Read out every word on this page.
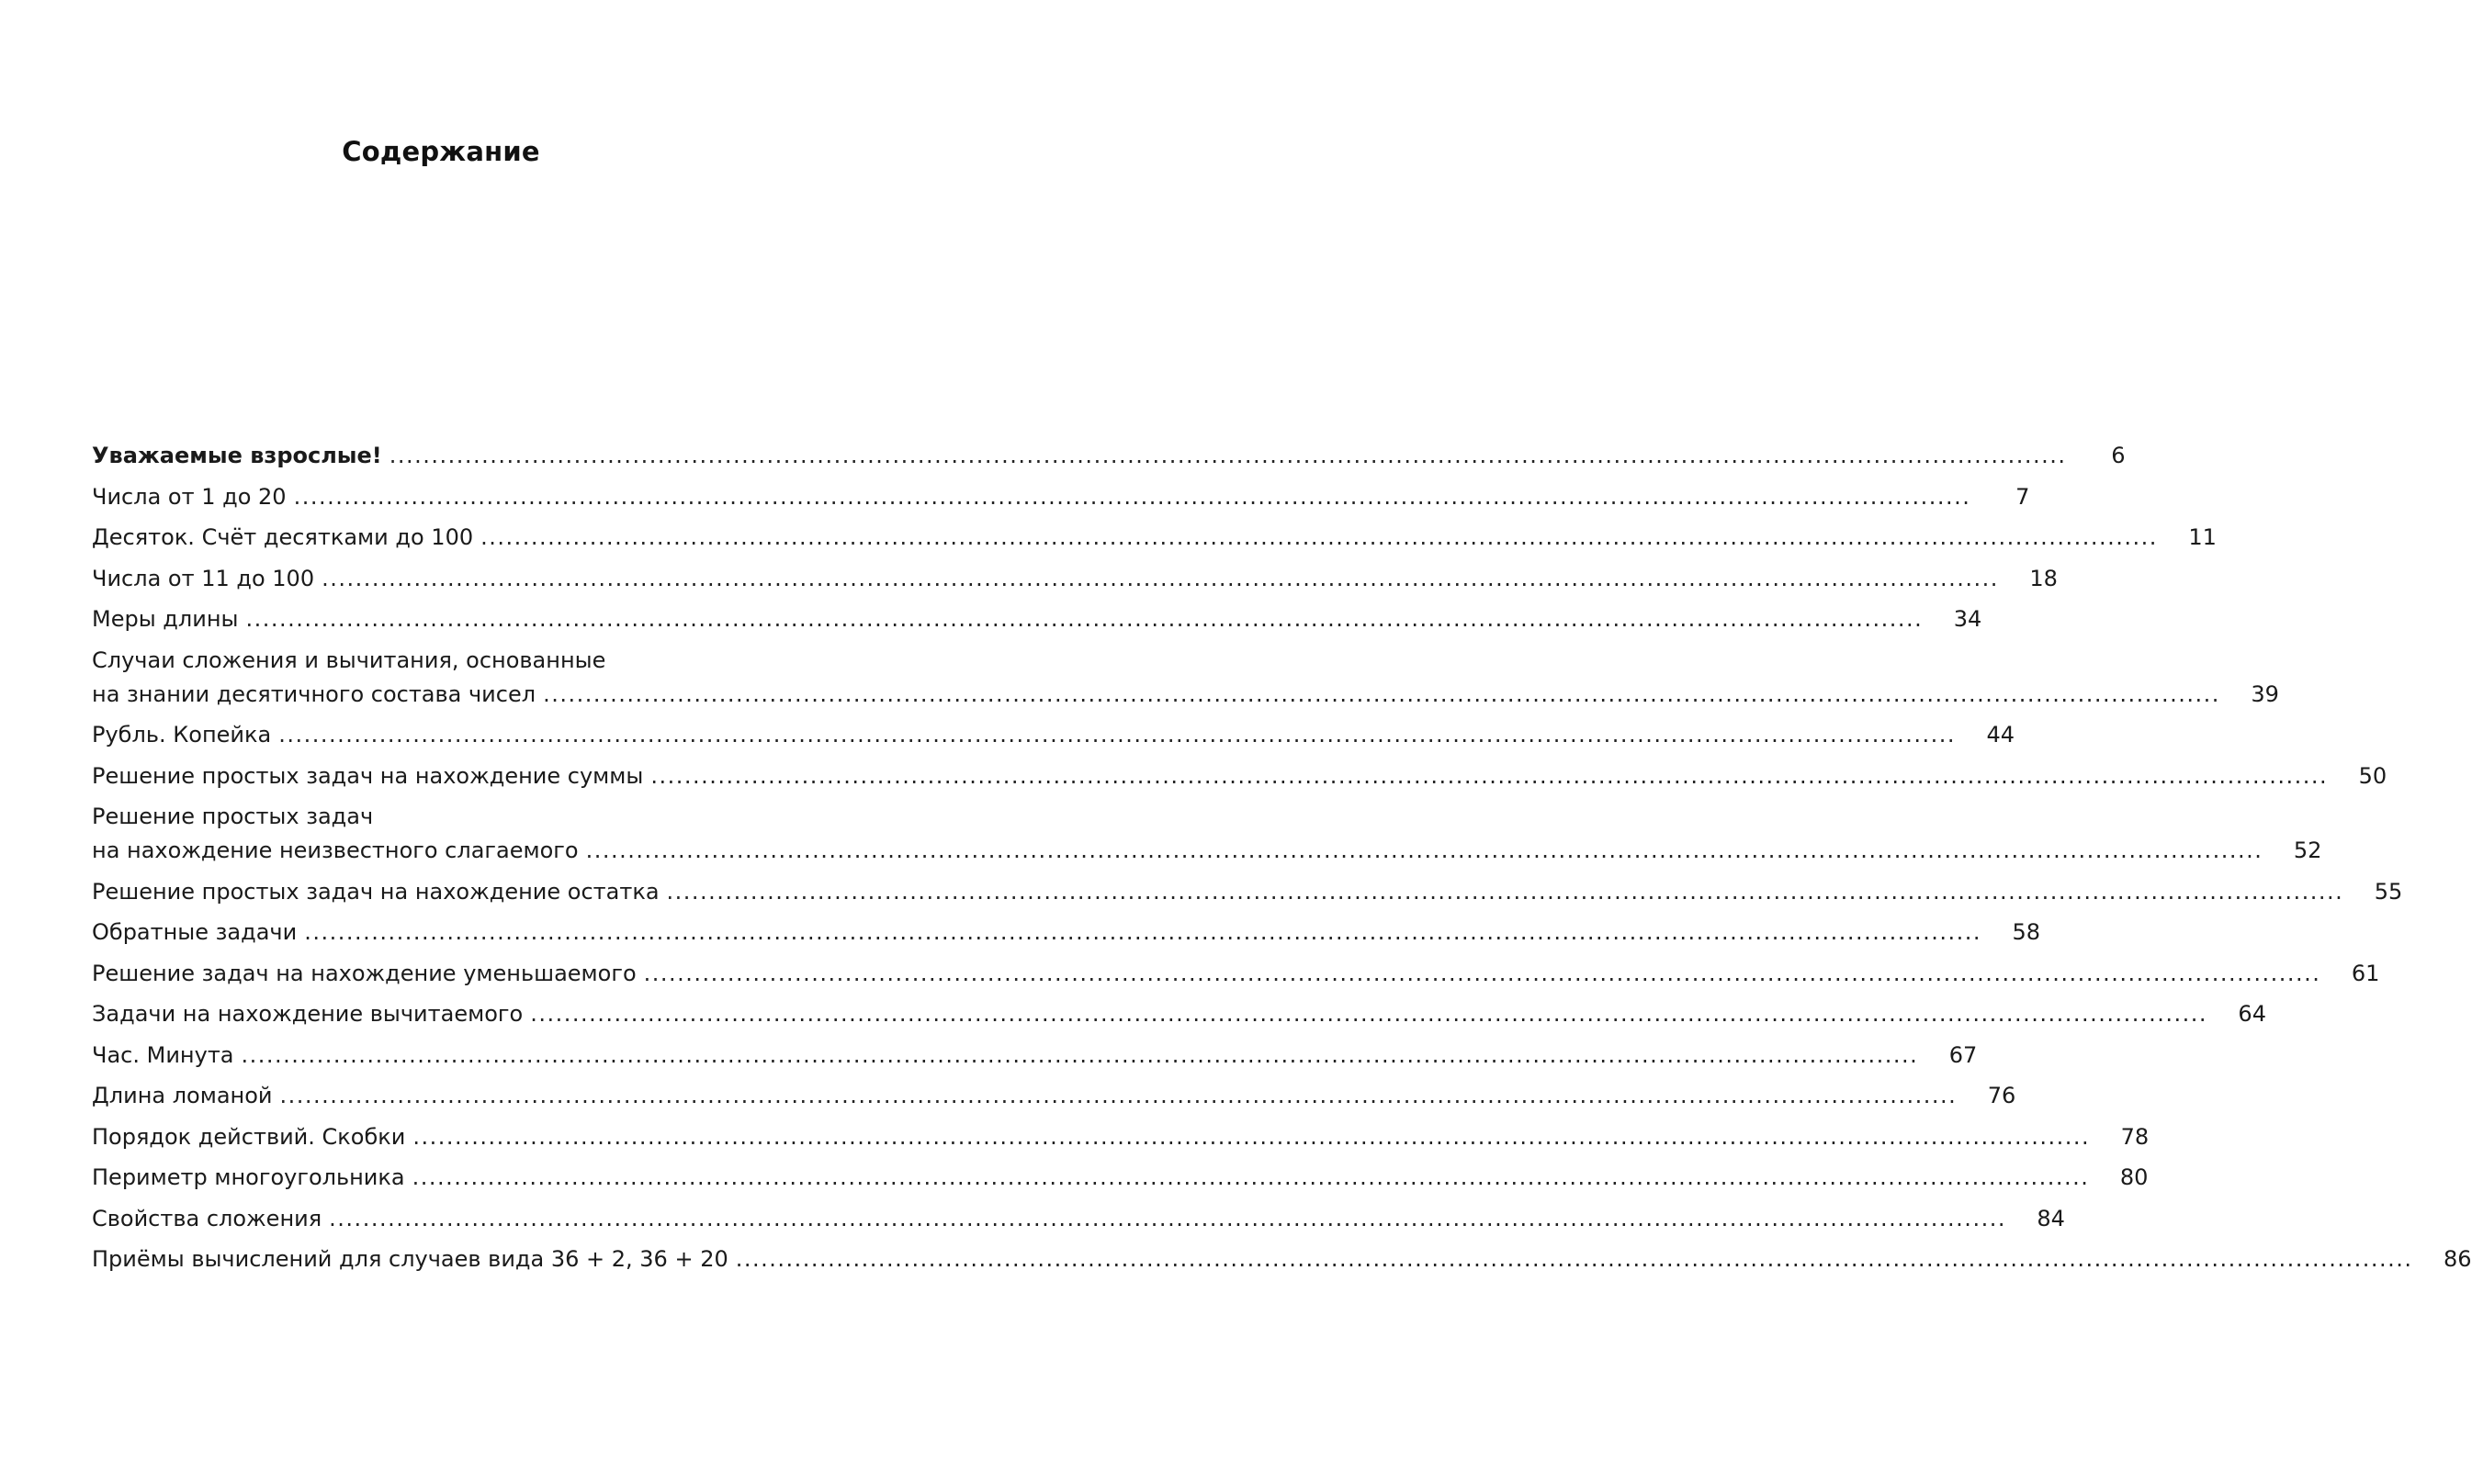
Содержание
Уважаемые взрослые! ........................................................................................................................................................................................................	6
Числа от 1 до 20 ........................................................................................................................................................................................................	7
Десяток. Счёт десятками до 100 ........................................................................................................................................................................................................	11
Числа от 11 до 100 ........................................................................................................................................................................................................	18
Меры длины ........................................................................................................................................................................................................	34
Случаи сложения и вычитания, основанные
на знании десятичного состава чисел ........................................................................................................................................................................................................	39
Рубль. Копейка ........................................................................................................................................................................................................	44
Решение простых задач на нахождение суммы ........................................................................................................................................................................................................	50
Решение простых задач
на нахождение неизвестного слагаемого ........................................................................................................................................................................................................	52
Решение простых задач на нахождение остатка ........................................................................................................................................................................................................	55
Обратные задачи ........................................................................................................................................................................................................	58
Решение задач на нахождение уменьшаемого ........................................................................................................................................................................................................	61
Задачи на нахождение вычитаемого ........................................................................................................................................................................................................	64
Час. Минута ........................................................................................................................................................................................................	67
Длина ломаной ........................................................................................................................................................................................................	76
Порядок действий. Скобки ........................................................................................................................................................................................................	78
Периметр многоугольника ........................................................................................................................................................................................................	80
Свойства сложения ........................................................................................................................................................................................................	84
Приёмы вычислений для случаев вида 36 + 2, 36 + 20 ........................................................................................................................................................................................................	86
